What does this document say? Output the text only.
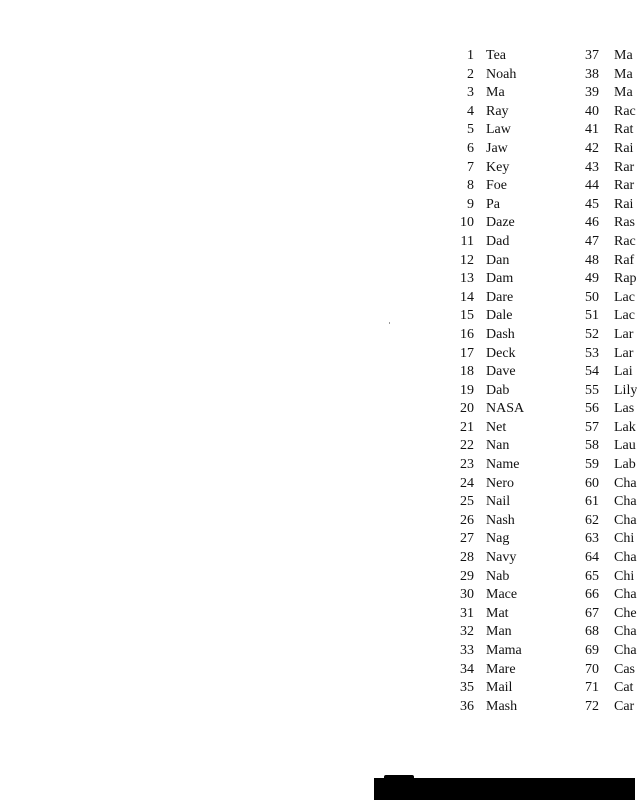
1 Tea
2 Noah
3 Ma
4 Ray
5 Law
6 Jaw
7 Key
8 Foe
9 Pa
10 Daze
11 Dad
12 Dan
13 Dam
14 Dare
15 Dale
16 Dash
17 Deck
18 Dave
19 Dab
20 NASA
21 Net
22 Nan
23 Name
24 Nero
25 Nail
26 Nash
27 Nag
28 Navy
29 Nab
30 Mace
31 Mat
32 Man
33 Mama
34 Mare
35 Mail
36 Mash
37 Ma
38 Ma
39 Ma
40 Rac
41 Rat
42 Rai
43 Rar
44 Rar
45 Rai
46 Ras
47 Rac
48 Raf
49 Rap
50 Lac
51 Lac
52 Lar
53 Lar
54 Lai
55 Lily
56 Las
57 Lak
58 Lau
59 Lab
60 Cha
61 Cha
62 Cha
63 Chi
64 Cha
65 Chi
66 Cha
67 Che
68 Cha
69 Cha
70 Cas
71 Cat
72 Car
